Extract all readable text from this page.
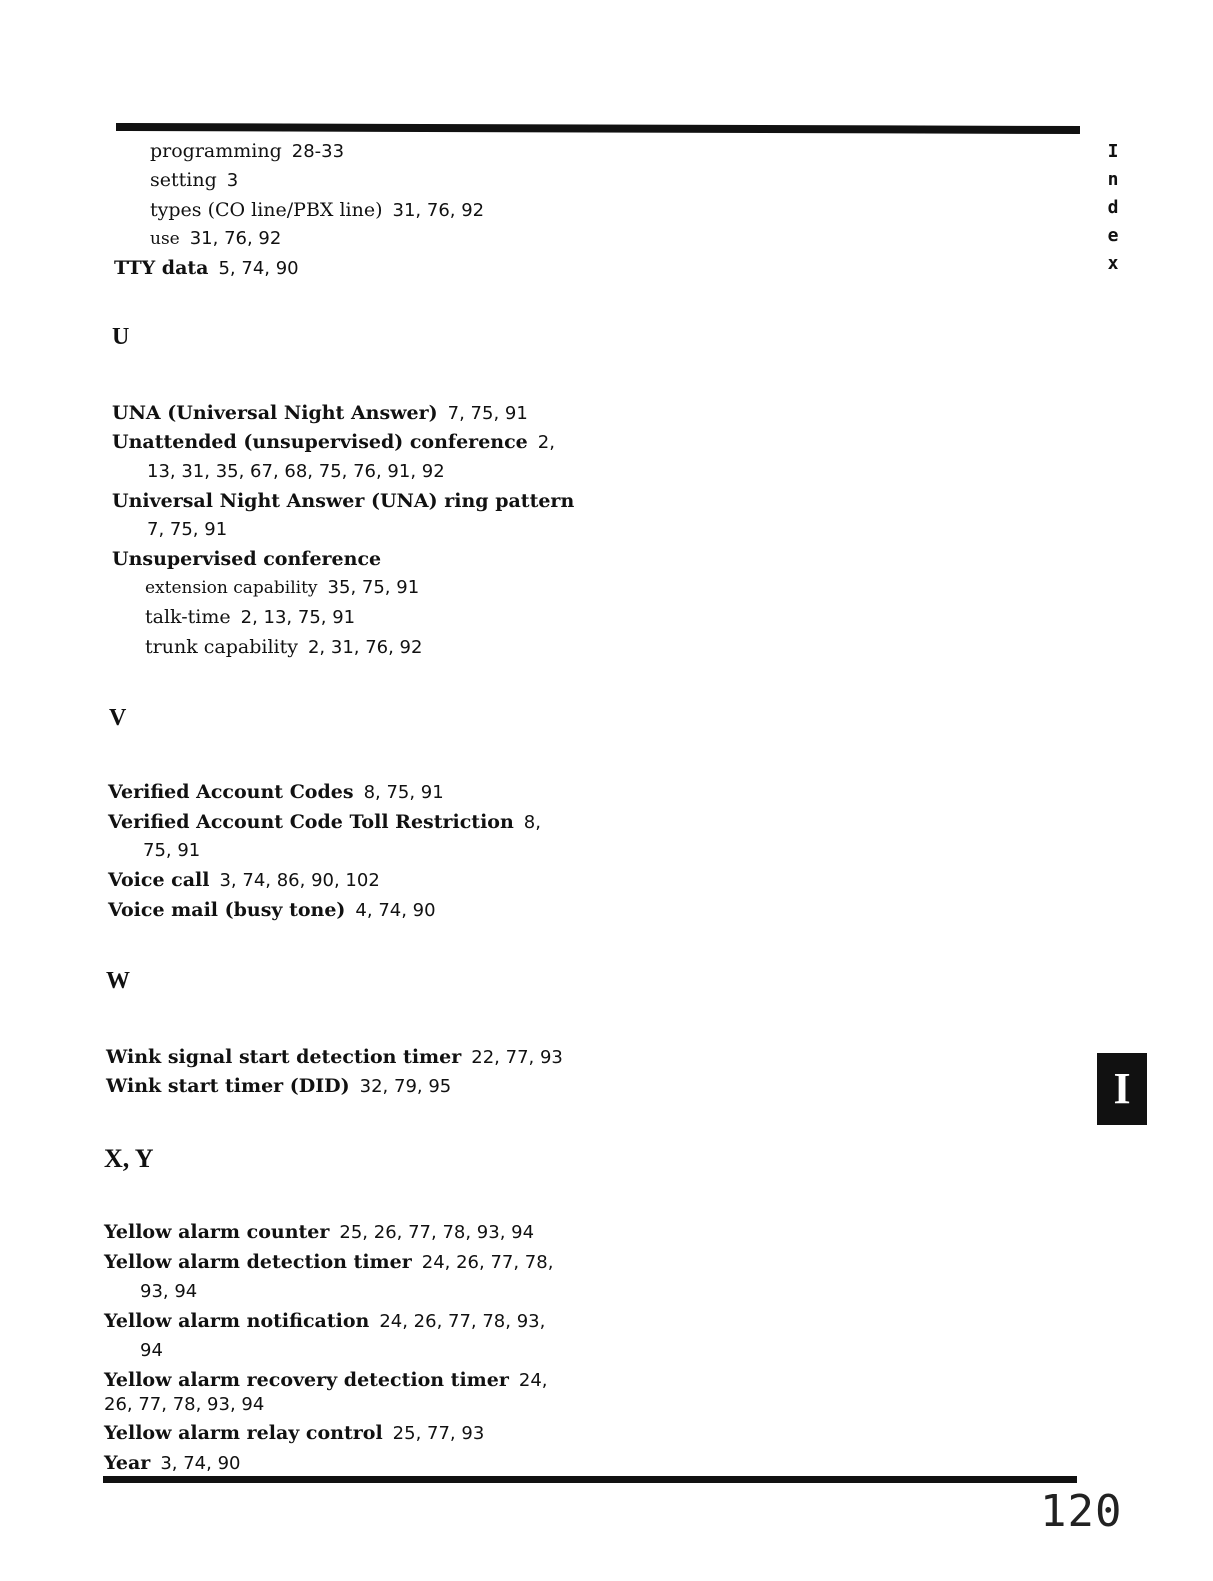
I
n
d
e
x
programming 28-33
setting 3
types (CO line/PBX line) 31, 76, 92
use 31, 76, 92
TTY data 5, 74, 90
U
UNA (Universal Night Answer) 7, 75, 91
Unattended (unsupervised) conference 2,
13, 31, 35, 67, 68, 75, 76, 91, 92
Universal Night Answer (UNA) ring pattern
7, 75, 91
Unsupervised conference
extension capability 35, 75, 91
talk-time 2, 13, 75, 91
trunk capability 2, 31, 76, 92
V
Verified Account Codes 8, 75, 91
Verified Account Code Toll Restriction 8,
75, 91
Voice call 3, 74, 86, 90, 102
Voice mail (busy tone) 4, 74, 90
W
Wink signal start detection timer 22, 77, 93
Wink start timer (DID) 32, 79, 95
X, Y
Yellow alarm counter 25, 26, 77, 78, 93, 94
Yellow alarm detection timer 24, 26, 77, 78,
93, 94
Yellow alarm notification 24, 26, 77, 78, 93,
94
Yellow alarm recovery detection timer 24,
26, 77, 78, 93, 94
Yellow alarm relay control 25, 77, 93
Year 3, 74, 90
I
120
